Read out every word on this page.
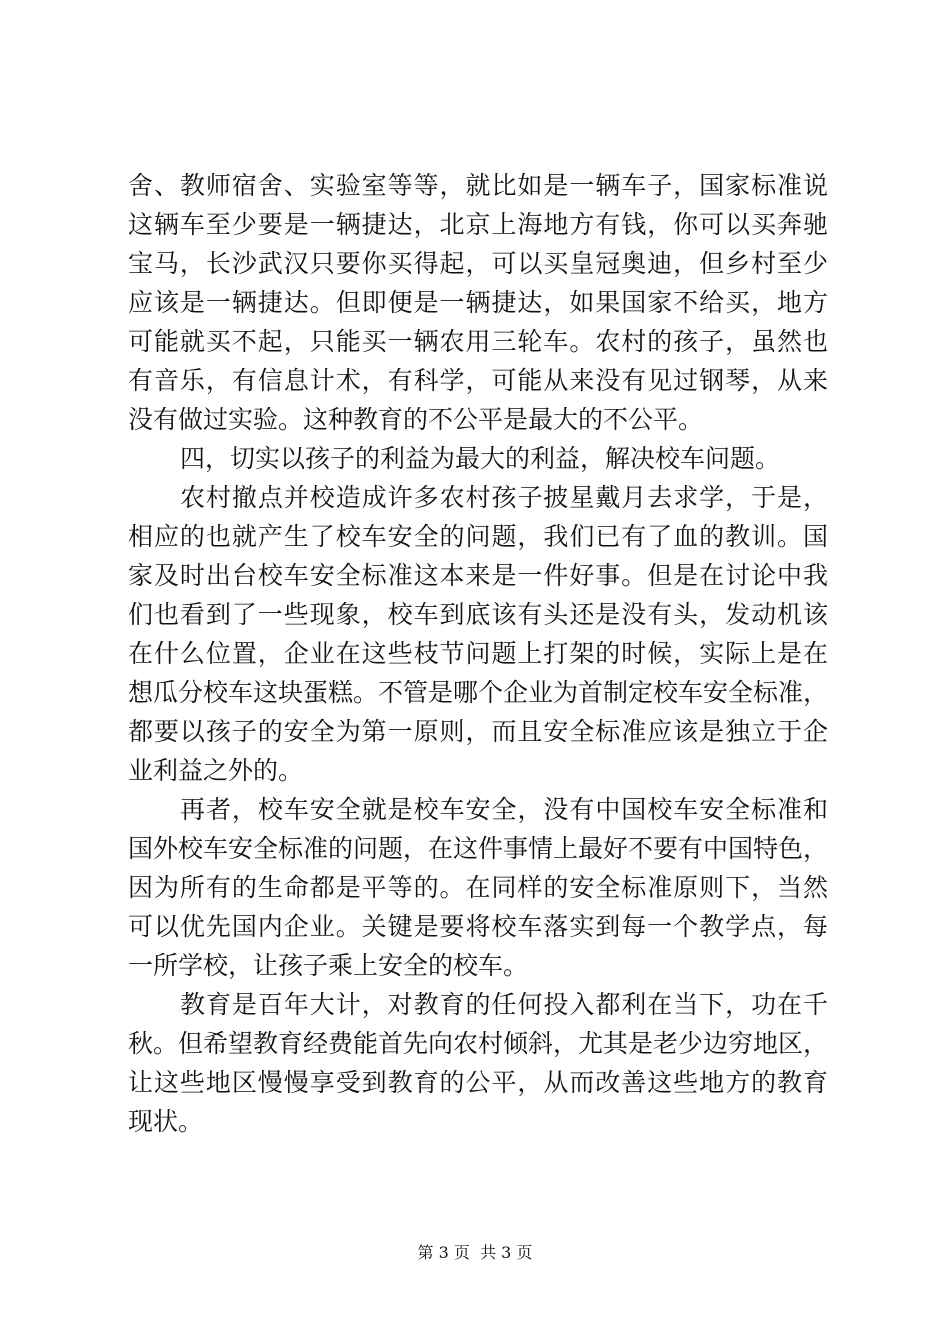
舍、教师宿舍、实验室等等，就比如是一辆车子，国家标准说
这辆车至少要是一辆捷达，北京上海地方有钱，你可以买奔驰
宝马，长沙武汉只要你买得起，可以买皇冠奥迪，但乡村至少
应该是一辆捷达。但即便是一辆捷达，如果国家不给买，地方
可能就买不起，只能买一辆农用三轮车。农村的孩子，虽然也
有音乐，有信息计术，有科学，可能从来没有见过钢琴，从来
没有做过实验。这种教育的不公平是最大的不公平。
四，切实以孩子的利益为最大的利益，解决校车问题。
农村撤点并校造成许多农村孩子披星戴月去求学，于是，
相应的也就产生了校车安全的问题，我们已有了血的教训。国
家及时出台校车安全标准这本来是一件好事。但是在讨论中我
们也看到了一些现象，校车到底该有头还是没有头，发动机该
在什么位置，企业在这些枝节问题上打架的时候，实际上是在
想瓜分校车这块蛋糕。不管是哪个企业为首制定校车安全标准，
都要以孩子的安全为第一原则，而且安全标准应该是独立于企
业利益之外的。
再者，校车安全就是校车安全，没有中国校车安全标准和
国外校车安全标准的问题，在这件事情上最好不要有中国特色，
因为所有的生命都是平等的。在同样的安全标准原则下，当然
可以优先国内企业。关键是要将校车落实到每一个教学点，每
一所学校，让孩子乘上安全的校车。
教育是百年大计，对教育的任何投入都利在当下，功在千
秋。但希望教育经费能首先向农村倾斜，尤其是老少边穷地区，
让这些地区慢慢享受到教育的公平，从而改善这些地方的教育
现状。
第 3 页  共 3 页
